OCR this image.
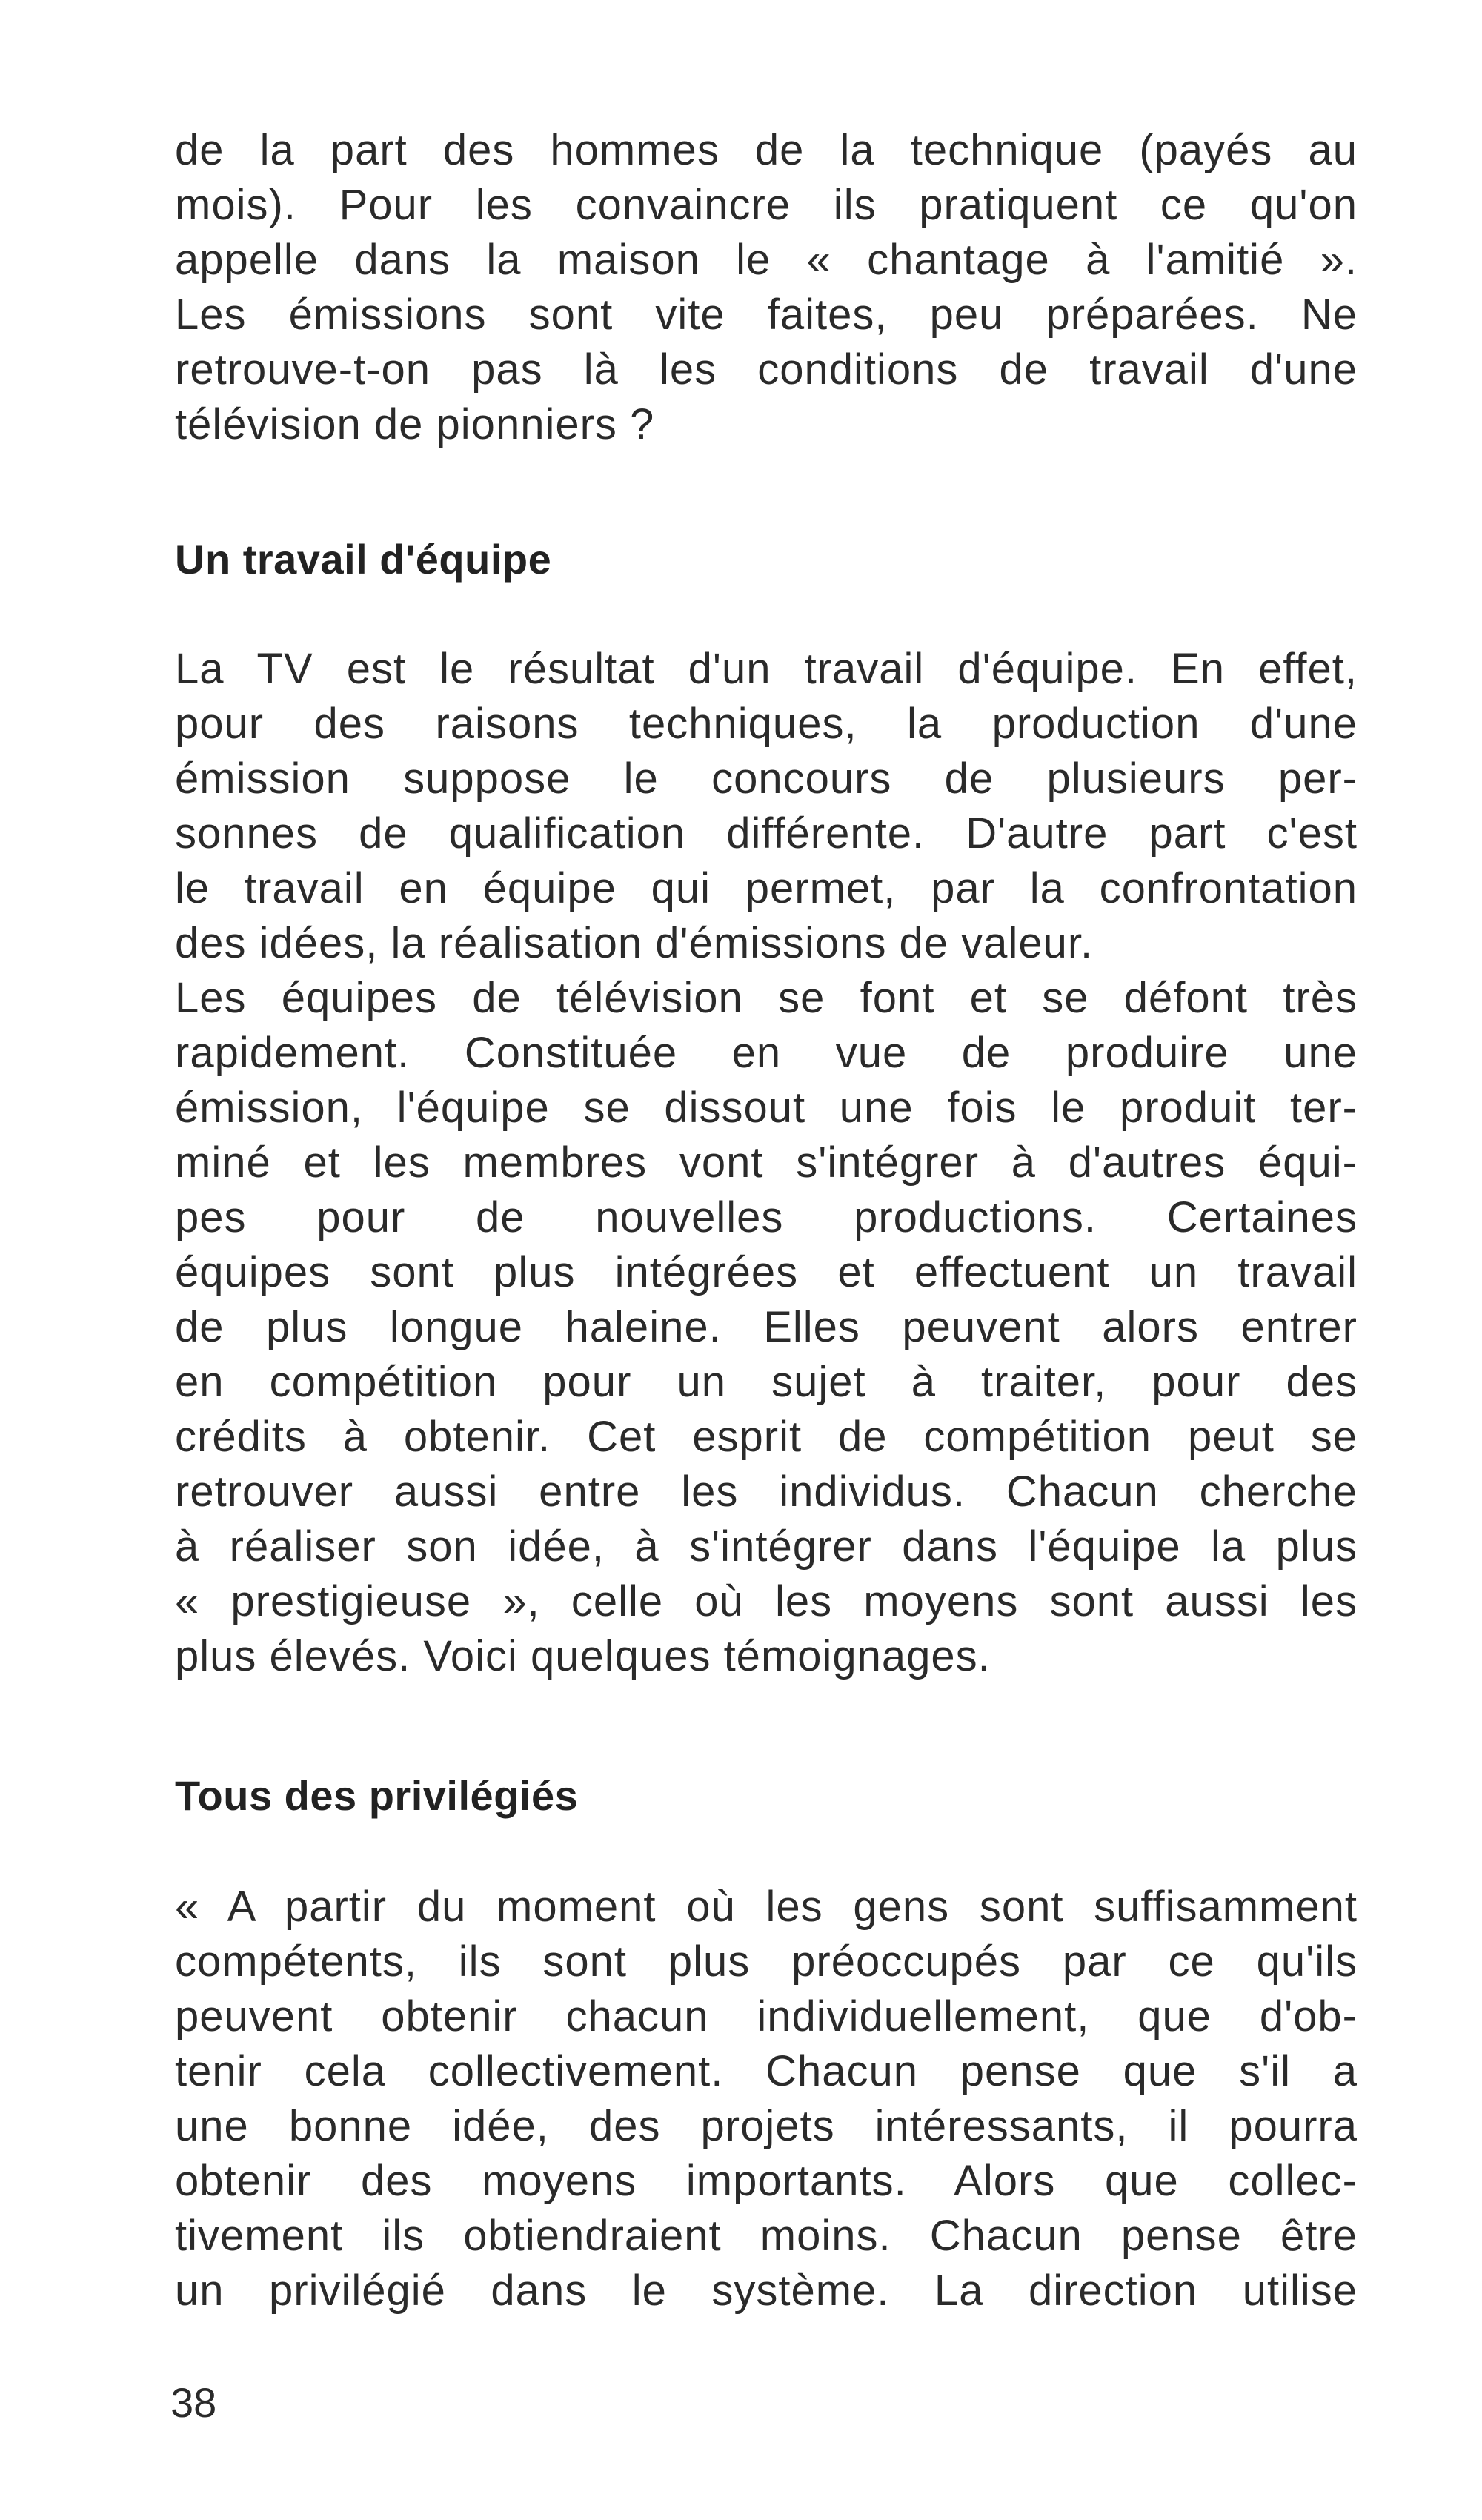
de la part des hommes de la technique (payés au
mois). Pour les convaincre ils pratiquent ce qu'on
appelle dans la maison le « chantage à l'amitié ».
Les émissions sont vite faites, peu préparées. Ne
retrouve-t-on pas là les conditions de travail d'une
télévision de pionniers ?

Un travail d'équipe

La TV est le résultat d'un travail d'équipe. En effet,
pour des raisons techniques, la production d'une
émission suppose le concours de plusieurs per-
sonnes de qualification différente. D'autre part c'est
le travail en équipe qui permet, par la confrontation
des idées, la réalisation d'émissions de valeur.

Les équipes de télévision se font et se défont très
rapidement. Constituée en vue de produire une
émission, l'équipe se dissout une fois le produit ter-
miné et les membres vont s'intégrer à d'autres équi-
pes pour de nouvelles productions. Certaines
équipes sont plus intégrées et effectuent un travail
de plus longue haleine. Elles peuvent alors entrer
en compétition pour un sujet à traiter, pour des
crédits à obtenir. Cet esprit de compétition peut se
retrouver aussi entre les individus. Chacun cherche
à réaliser son idée, à s'intégrer dans l'équipe la plus
« prestigieuse », celle où les moyens sont aussi les
plus élevés. Voici quelques témoignages.

Tous des privilégiés

« A partir du moment où les gens sont suffisamment
compétents, ils sont plus préoccupés par ce qu'ils
peuvent obtenir chacun individuellement, que d'ob-
tenir cela collectivement. Chacun pense que s'il a
une bonne idée, des projets intéressants, il pourra
obtenir des moyens importants. Alors que collec-
tivement ils obtiendraient moins. Chacun pense être
un privilégié dans le système. La direction utilise

38
